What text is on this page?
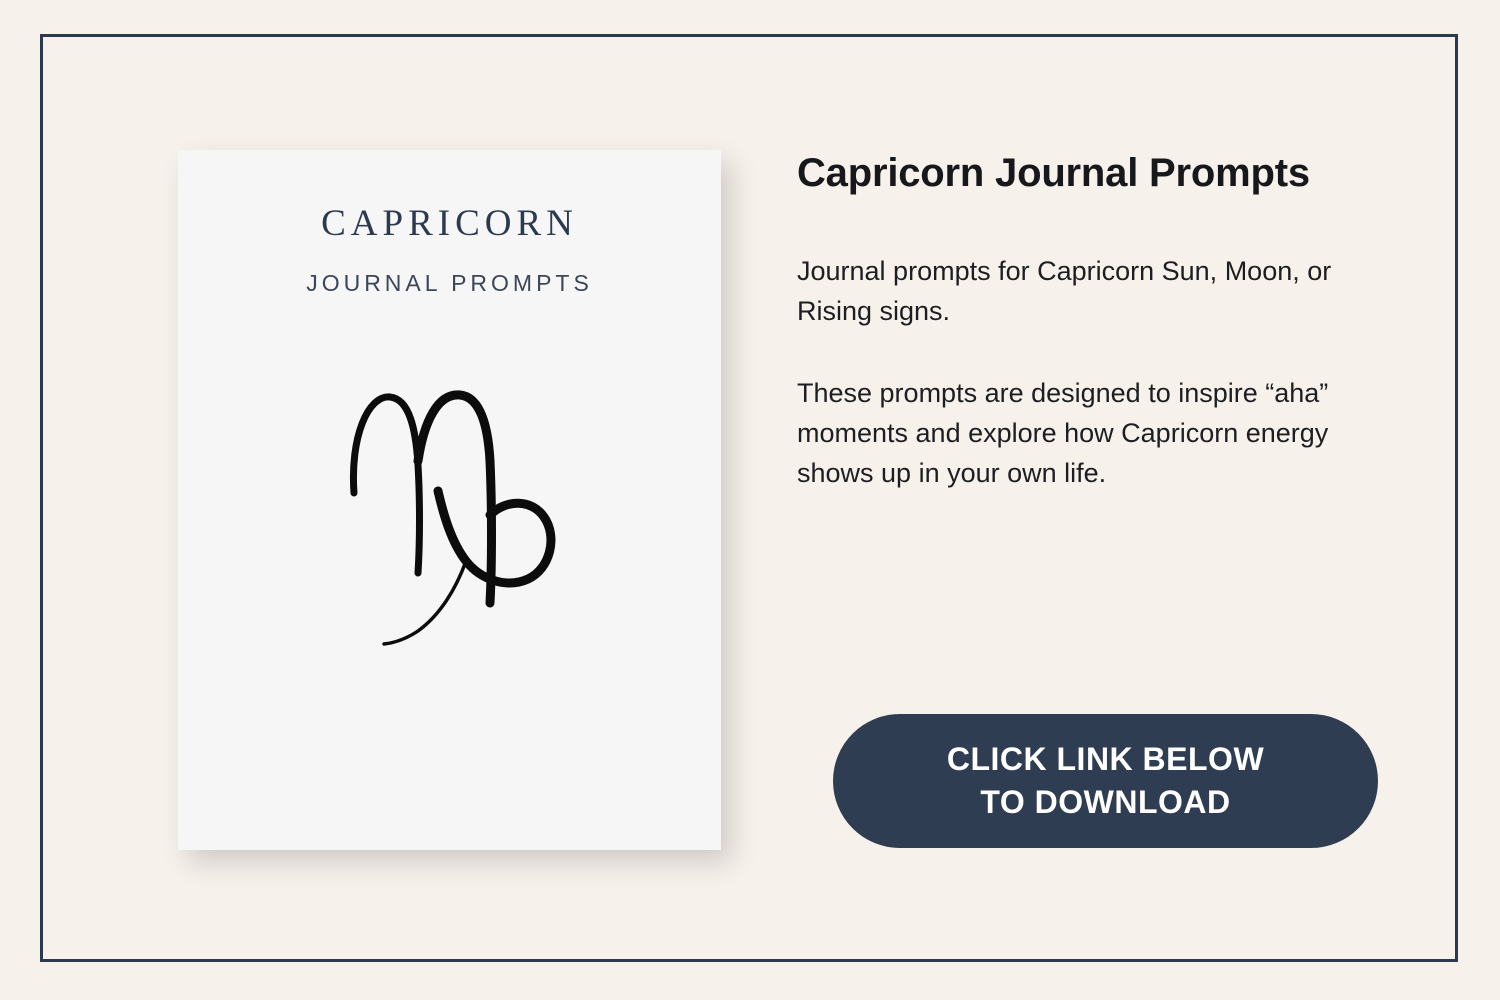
CAPRICORN
JOURNAL PROMPTS
Capricorn Journal Prompts

Journal prompts for Capricorn Sun, Moon, or Rising signs.

These prompts are designed to inspire “aha” moments and explore how Capricorn energy shows up in your own life.

CLICK LINK BELOW
TO DOWNLOAD
